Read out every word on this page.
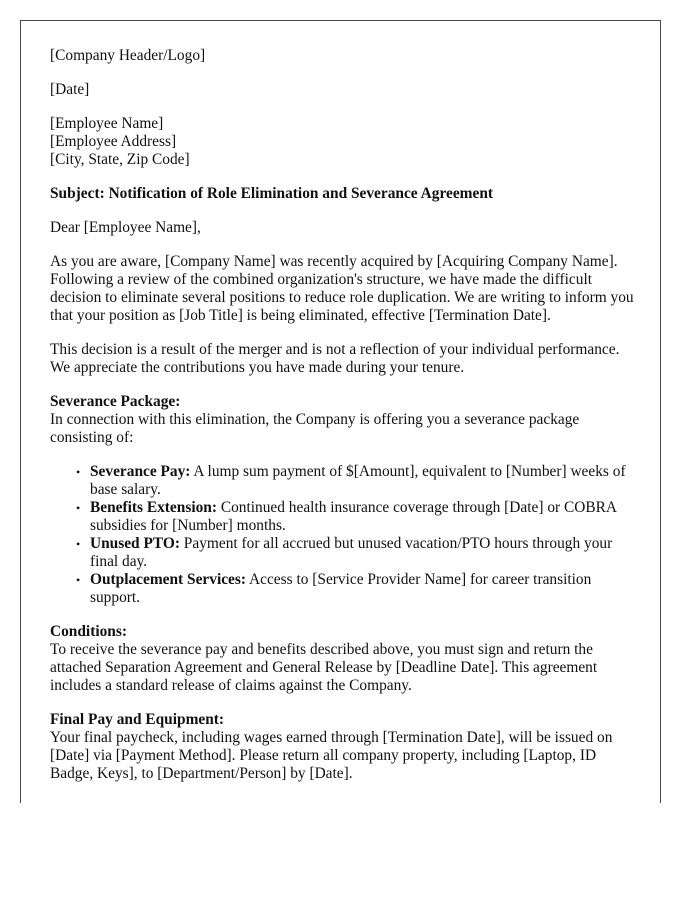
[Company Header/Logo]

[Date]

[Employee Name]
[Employee Address]
[City, State, Zip Code]

Subject: Notification of Role Elimination and Severance Agreement

Dear [Employee Name],

As you are aware, [Company Name] was recently acquired by [Acquiring Company Name]. Following a review of the combined organization's structure, we have made the difficult decision to eliminate several positions to reduce role duplication. We are writing to inform you that your position as [Job Title] is being eliminated, effective [Termination Date].

This decision is a result of the merger and is not a reflection of your individual performance. We appreciate the contributions you have made during your tenure.

Severance Package:
In connection with this elimination, the Company is offering you a severance package consisting of:

• Severance Pay: A lump sum payment of $[Amount], equivalent to [Number] weeks of base salary.
• Benefits Extension: Continued health insurance coverage through [Date] or COBRA subsidies for [Number] months.
• Unused PTO: Payment for all accrued but unused vacation/PTO hours through your final day.
• Outplacement Services: Access to [Service Provider Name] for career transition support.

Conditions:
To receive the severance pay and benefits described above, you must sign and return the attached Separation Agreement and General Release by [Deadline Date]. This agreement includes a standard release of claims against the Company.

Final Pay and Equipment:
Your final paycheck, including wages earned through [Termination Date], will be issued on [Date] via [Payment Method]. Please return all company property, including [Laptop, ID Badge, Keys], to [Department/Person] by [Date].
